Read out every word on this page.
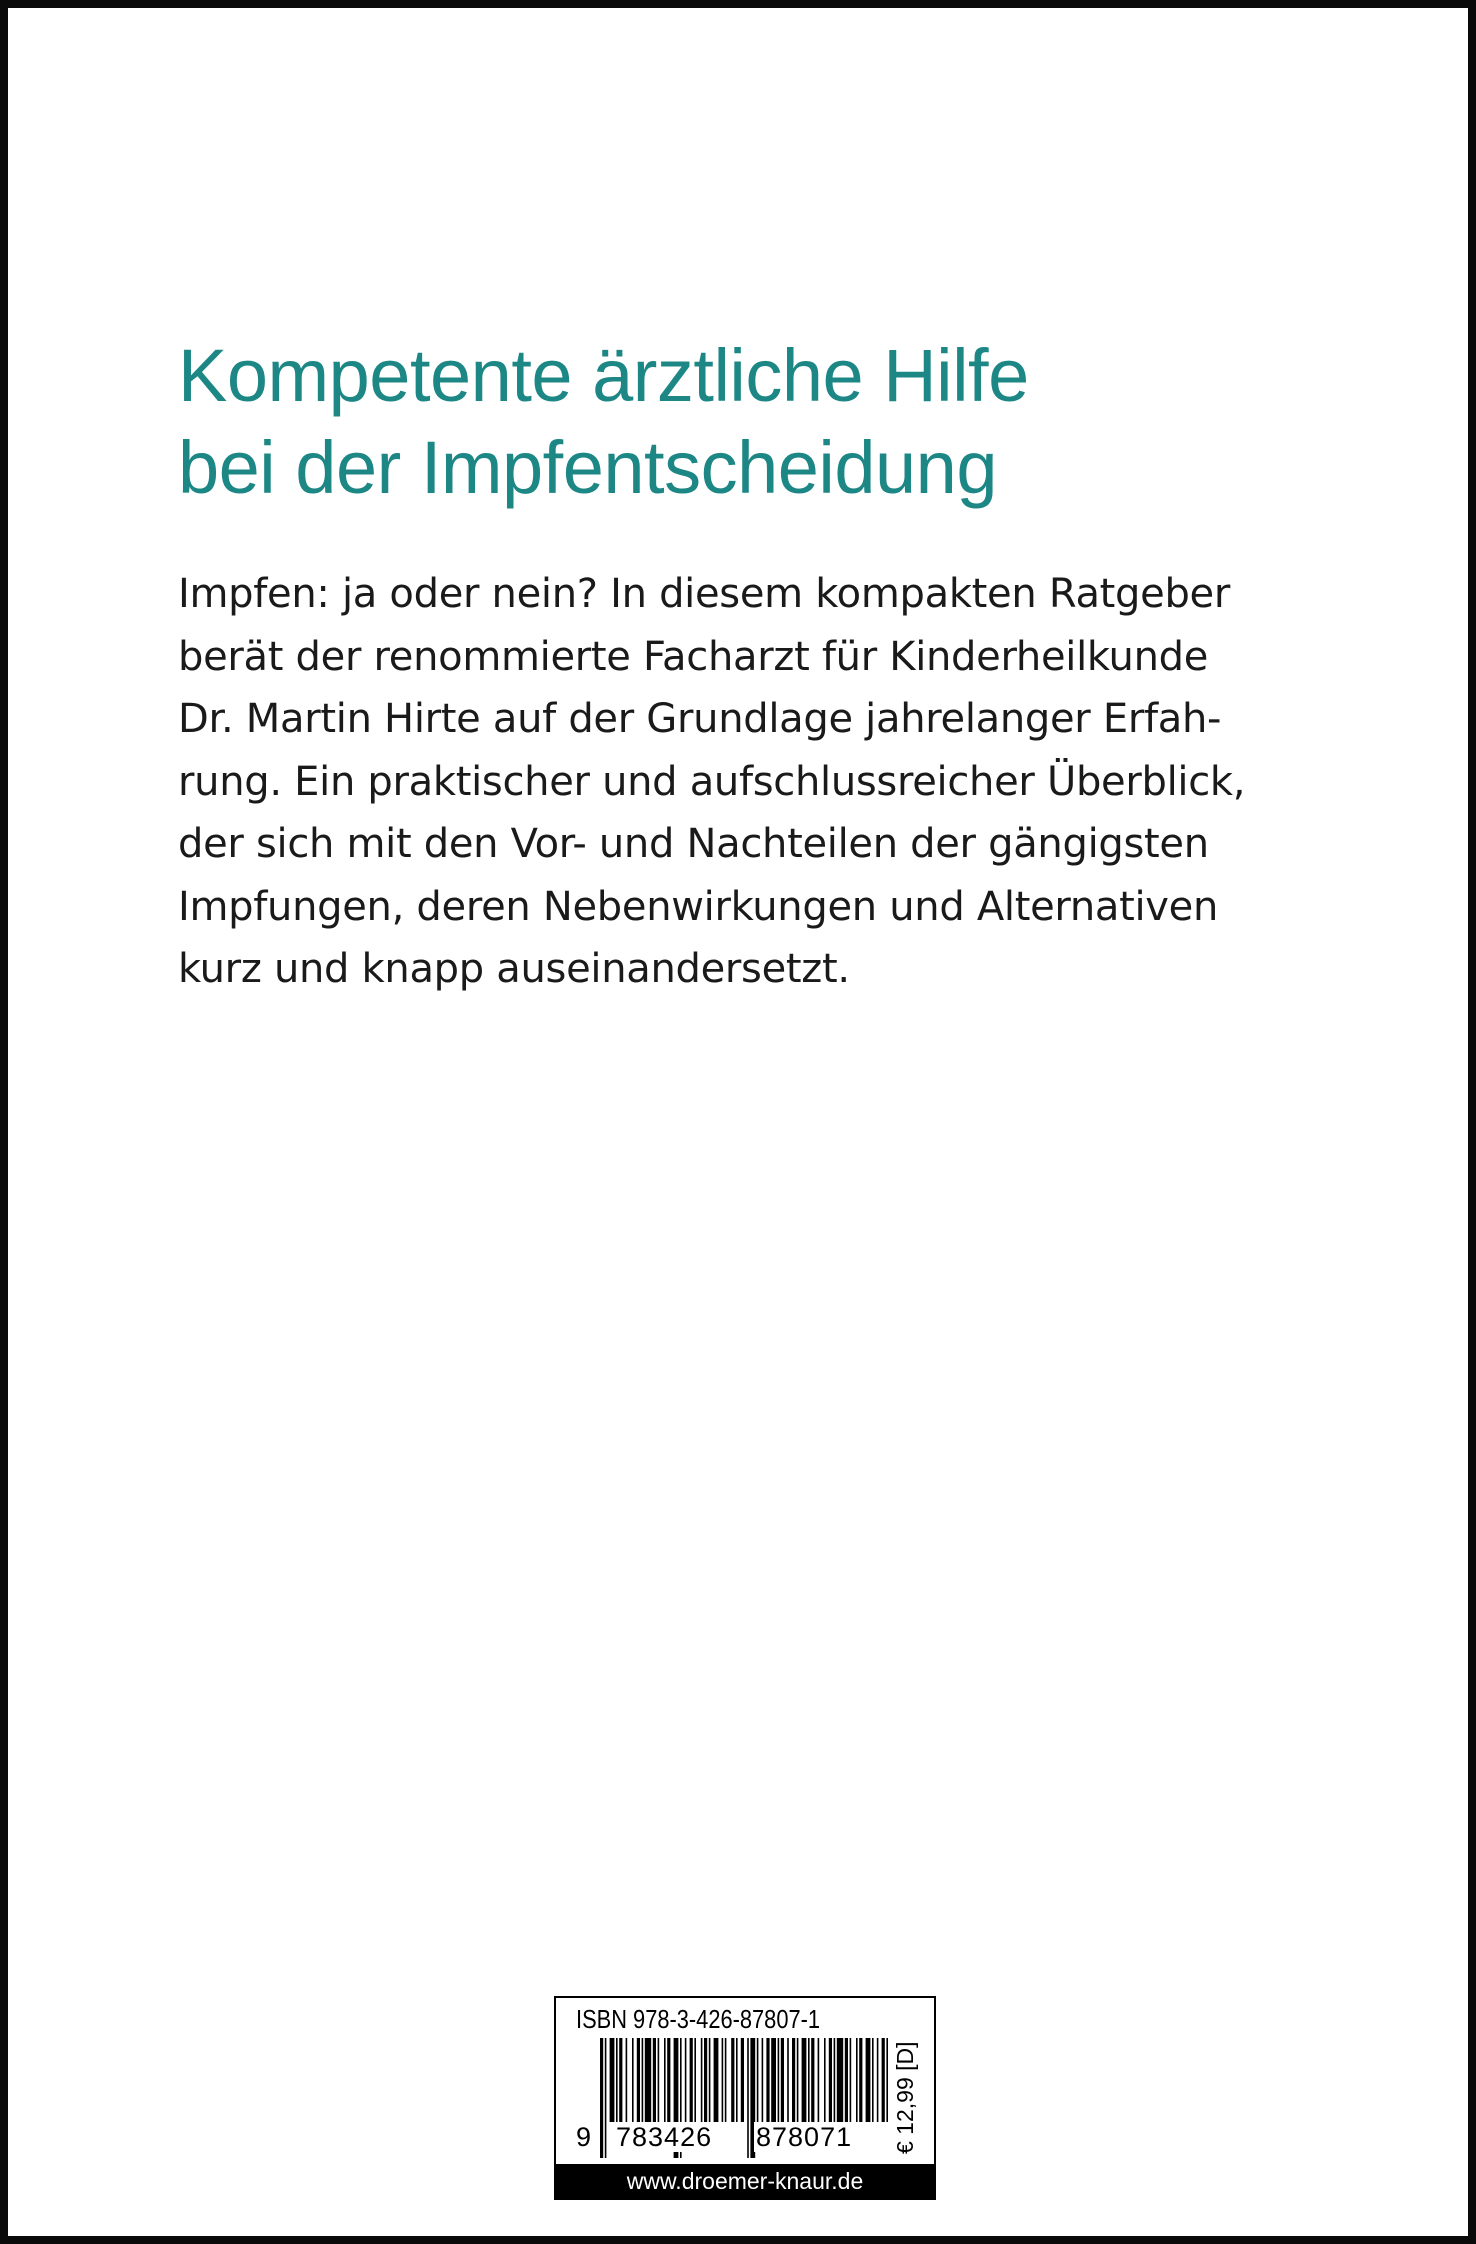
Kompetente ärztliche Hilfe
bei der Impfentscheidung
Impfen: ja oder nein? In diesem kompakten Ratgeber
berät der renommierte Facharzt für Kinderheilkunde
Dr. Martin Hirte auf der Grundlage jahrelanger Erfah-
rung. Ein praktischer und aufschlussreicher Überblick,
der sich mit den Vor- und Nachteilen der gängigsten
Impfungen, deren Nebenwirkungen und Alternativen
kurz und knapp auseinandersetzt.
ISBN 978-3-426-87807-1
9 783426 878071 € 12,99 [D]
www.droemer-knaur.de
